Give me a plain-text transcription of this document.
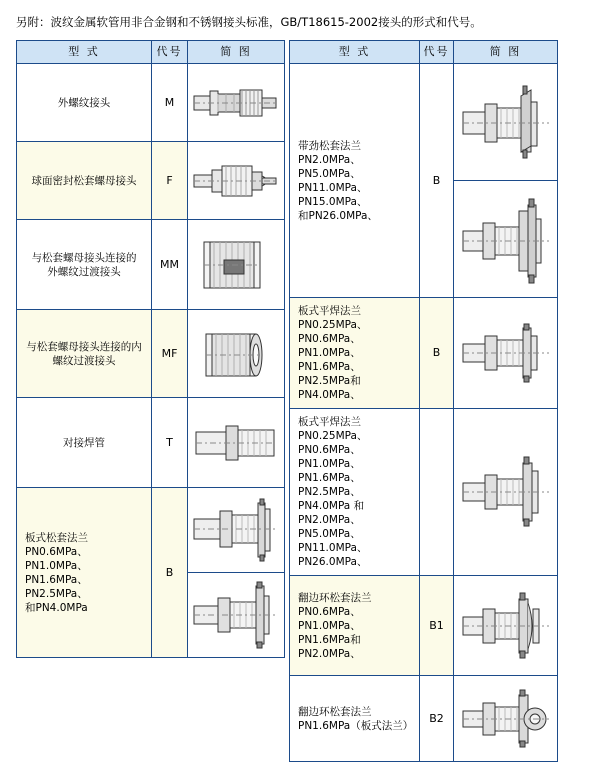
另附：波纹金属软管用非合金钢和不锈钢接头标准，GB/T18615-2002接头的形式和代号。
型 式	代号	简 图

外螺纹接头	M	

球面密封松套螺母接头	F	

与松套螺母接头连接的
外螺纹过渡接头	MM	

与松套螺母接头连接的内
螺纹过渡接头	MF	

对接焊管	T	

板式松套法兰
PN0.6MPa、PN1.0MPa、
PN1.6MPa、PN2.5MPa、
和PN4.0MPa	B	
型 式	代号	简 图

带劲松套法兰
PN2.0MPa、PN5.0MPa、
PN11.0MPa、PN15.0MPa、
和PN26.0MPa、	B	

板式平焊法兰
PN0.25MPa、PN0.6MPa、
PN1.0MPa、PN1.6MPa、
PN2.5MPa和PN4.0MPa、	B	

板式平焊法兰
PN0.25MPa、PN0.6MPa、
PN1.0MPa、PN1.6MPa、
PN2.5MPa、PN4.0MPa 和
PN2.0MPa、PN5.0MPa、
PN11.0MPa、PN26.0MPa、

翻边环松套法兰
PN0.6MPa、PN1.0MPa、
PN1.6MPa和PN2.0MPa、	B1	

翻边环松套法兰
PN1.6MPa（板式法兰）	B2	
